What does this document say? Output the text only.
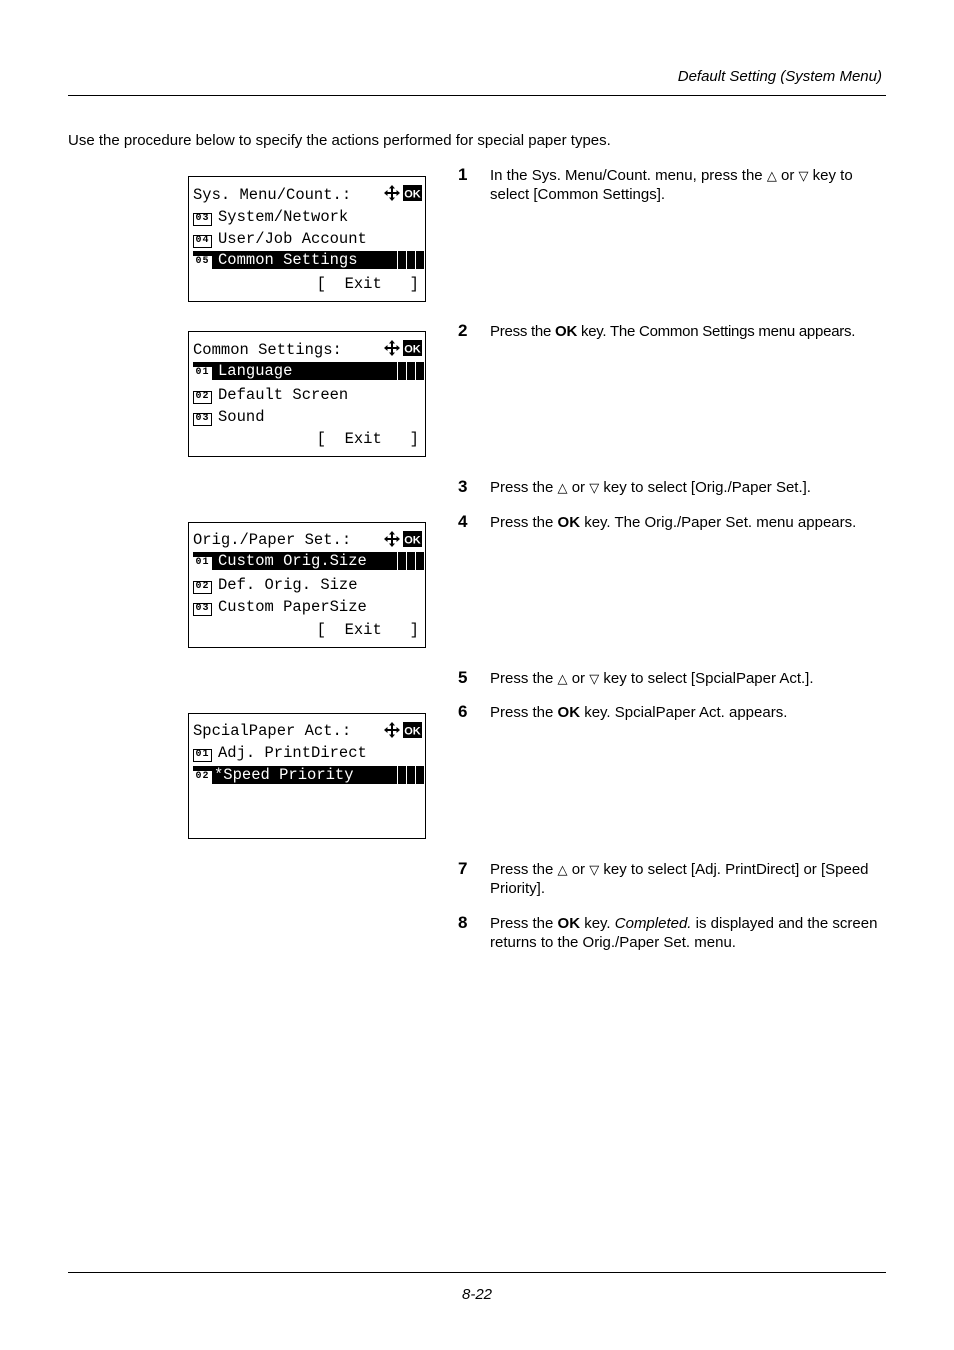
Default Setting (System Menu)
Use the procedure below to specify the actions performed for special paper types.
Sys. Menu/Count.:	OK
03 System/Network
04 User/Job Account
05 Common Settings
[  Exit   ]
Common Settings:	OK
01 Language
02 Default Screen
03 Sound
[  Exit   ]
Orig./Paper Set.:	OK
01 Custom Orig.Size
02 Def. Orig. Size
03 Custom PaperSize
[  Exit   ]
SpcialPaper Act.:	OK
01 Adj. PrintDirect
02 *Speed Priority
1 In the Sys. Menu/Count. menu, press the △ or ▽ key to select [Common Settings].
2 Press the OK key. The Common Settings menu appears.
3 Press the △ or ▽ key to select [Orig./Paper Set.].
4 Press the OK key. The Orig./Paper Set. menu appears.
5 Press the △ or ▽ key to select [SpcialPaper Act.].
6 Press the OK key. SpcialPaper Act. appears.
7 Press the △ or ▽ key to select [Adj. PrintDirect] or [Speed Priority].
8 Press the OK key. Completed. is displayed and the screen returns to the Orig./Paper Set. menu.
8-22
